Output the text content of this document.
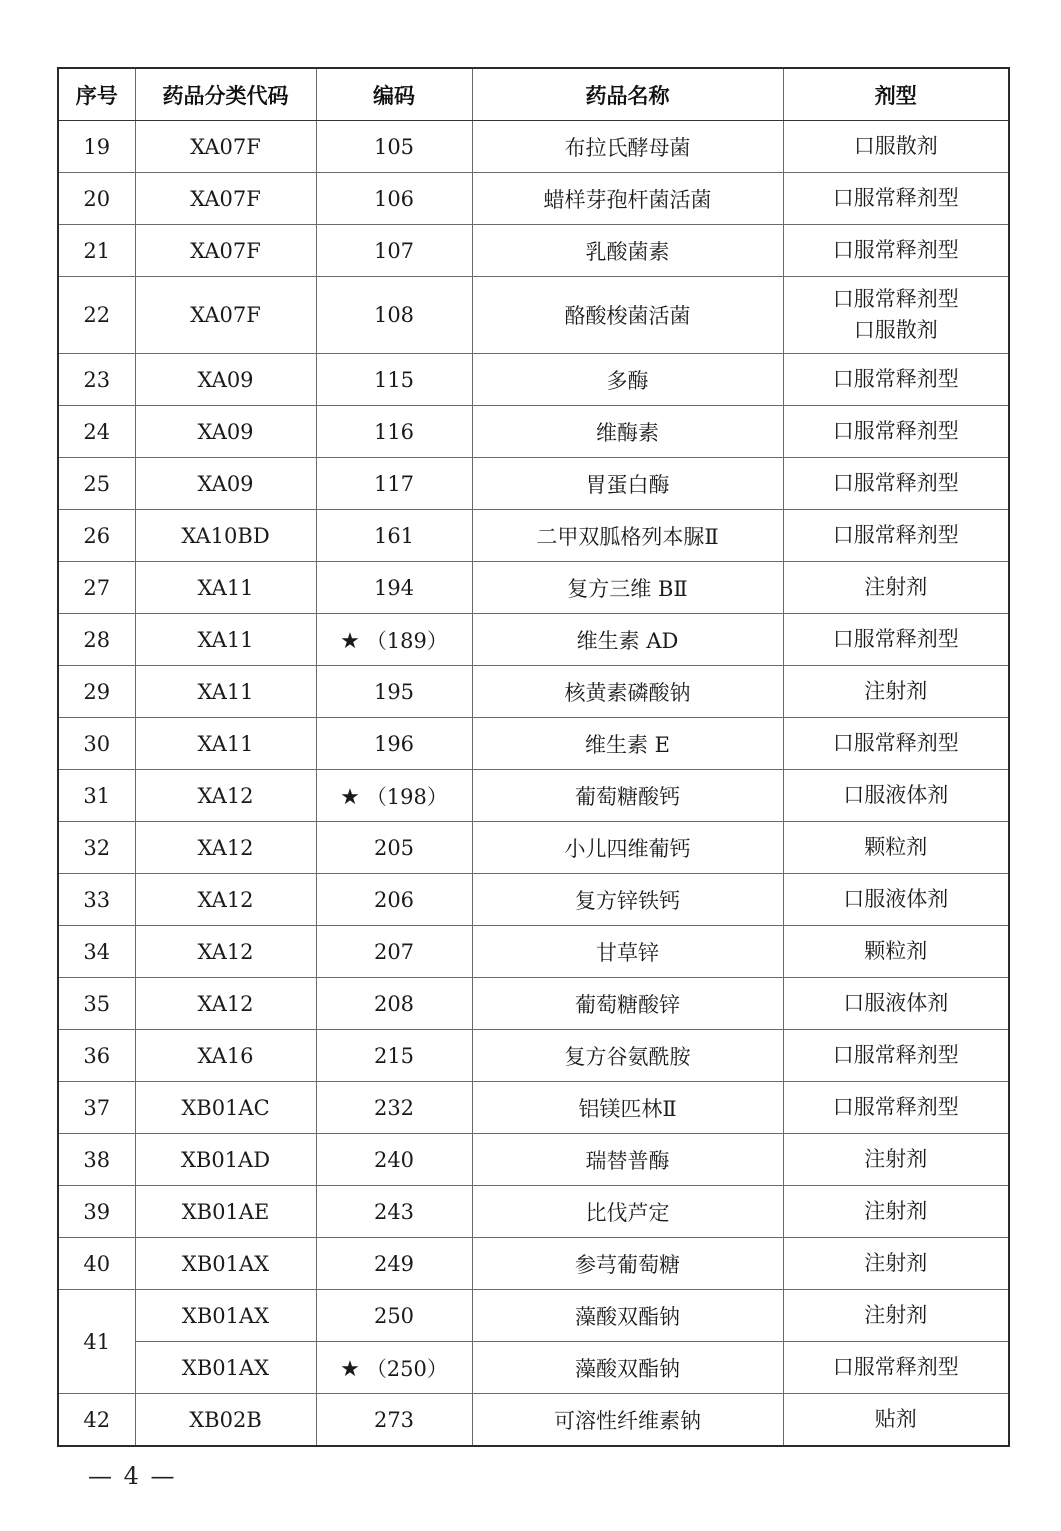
序号	药品分类代码	编码	药品名称	剂型
19	XA07F	105	布拉氏酵母菌	口服散剂

20	XA07F	106	蜡样芽孢杆菌活菌	口服常释剂型

21	XA07F	107	乳酸菌素	口服常释剂型

22	XA07F	108	酪酸梭菌活菌	口服常释剂型
口服散剂

23	XA09	115	多酶	口服常释剂型

24	XA09	116	维酶素	口服常释剂型

25	XA09	117	胃蛋白酶	口服常释剂型

26	XA10BD	161	二甲双胍格列本脲Ⅱ	口服常释剂型

27	XA11	194	复方三维 BⅡ	注射剂

28	XA11	★ （189）	维生素 AD	口服常释剂型

29	XA11	195	核黄素磷酸钠	注射剂

30	XA11	196	维生素 E	口服常释剂型

31	XA12	★ （198）	葡萄糖酸钙	口服液体剂

32	XA12	205	小儿四维葡钙	颗粒剂

33	XA12	206	复方锌铁钙	口服液体剂

34	XA12	207	甘草锌	颗粒剂

35	XA12	208	葡萄糖酸锌	口服液体剂

36	XA16	215	复方谷氨酰胺	口服常释剂型

37	XB01AC	232	铝镁匹林Ⅱ	口服常释剂型

38	XB01AD	240	瑞替普酶	注射剂

39	XB01AE	243	比伐芦定	注射剂

40	XB01AX	249	参芎葡萄糖	注射剂

41	XB01AX	250	藻酸双酯钠	注射剂

	XB01AX	★ （250）	藻酸双酯钠	口服常释剂型

42	XB02B	273	可溶性纤维素钠	贴剂
— 4 —
